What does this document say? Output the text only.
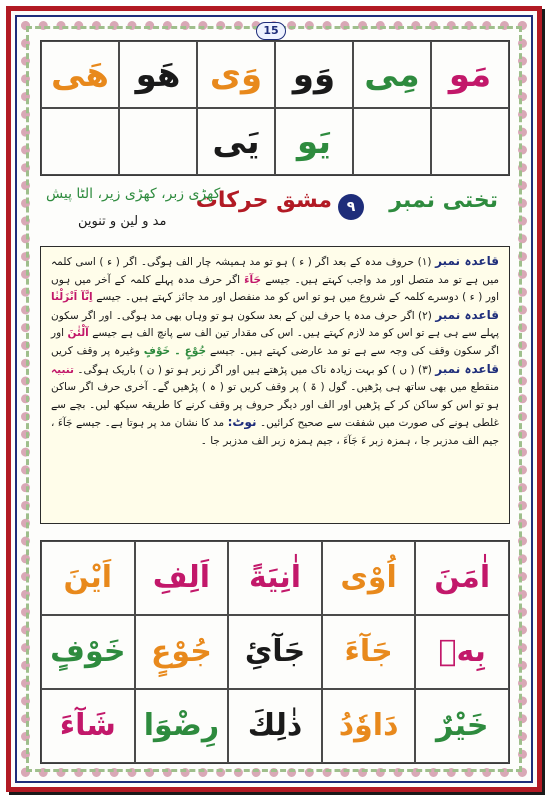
15
مَو
مِی
وَو
وَی
هَو
هَی
يَو
يَی
تختی نمبر
٩
مشق حرکات
کھڑی زبر، کھڑی زیر، الٹا پیش
مد و لین و تنوین

قاعدہ نمبر (۱) حروف مدہ کے بعد اگر ( ء ) ہو تو مد ہمیشہ چار الف ہوگی۔ اگر ( ء ) اسی کلمہ میں ہے تو مد متصل اور مد واجب کہتے ہیں۔ جیسے جَآءَ اگر حرف مدہ پہلے کلمہ کے آخر میں ہوں اور ( ء ) دوسرے کلمہ کے شروع میں ہو تو اس کو مد منفصل اور مد جائز کہتے ہیں۔ جیسے اِنَّآ اَنْزَلْنٰا قاعدہ نمبر (۲) اگر حرف مدہ یا حرف لین کے بعد سکون ہو تو وہاں بھی مد ہوگی۔ اور اگر سکون پہلے سے ہی ہے تو اس کو مد لازم کہتے ہیں۔ اس کی مقدار تین الف سے پانچ الف ہے جیسے آلْئٰنَ اور اگر سکون وقف کی وجہ سے ہے تو مد عارضی کہتے ہیں۔ جیسے جُوْعٍ ۔ خَوْفٍ وغیرہ پر وقف کریں قاعدہ نمبر (۳) ( ں ) کو بہت زیادہ ناک میں پڑھتے ہیں اور اگر زبر ہو تو ( ن ) باریک ہوگی۔ تنبیہ منقطع میں بھی ساتھ ہی پڑھیں۔ گول ( ۃ ) پر وقف کریں تو ( ہ ) پڑھیں گے۔ آخری حرف اگر ساکن ہو تو اس کو ساکن کر کے پڑھیں اور الف اور دیگر حروف پر وقف کرنے کا طریقہ سیکھ لیں۔ بچے سے غلطی ہونے کی صورت میں شفقت سے صحیح کرائیں۔ نوٹ: مد کا نشان مد پر ہوتا ہے۔ جیسے جَآءَ ، جیم الف مدزبر جا ، ہمزہ زبر ءَ جَآءَ ، جیم ہمزہ زبر الف مدزبر جا ۔

اٰمَنَ
اُوْی
اٰنِيَةً
اَلِفِ
اَيْنَ
بِهٖ
جَآءَ
جَآئِ
جُوْعٍ
خَوْفٍ
خَيْرٌ
دَاوٗدُ
ذٰلِكَ
رِضْوَا
شَآءَ
